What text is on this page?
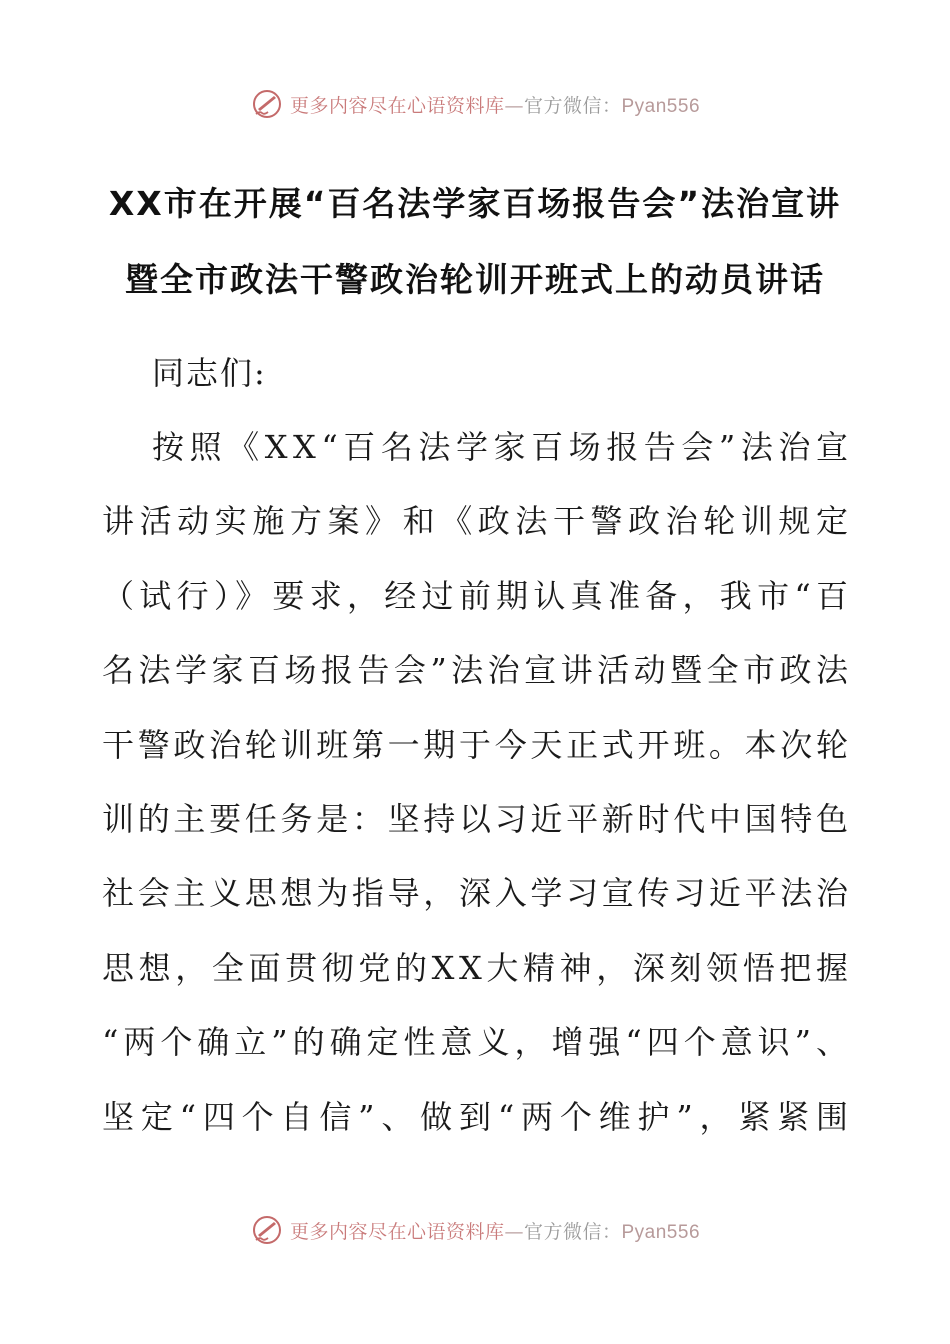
更多内容尽在心语资料库—官方微信：Pyan556
XX市在开展“百名法学家百场报告会”法治宣讲
暨全市政法干警政治轮训开班式上的动员讲话
同志们:
按照《XX“百名法学家百场报告会”法治宣
讲活动实施方案》和《政法干警政治轮训规定
（试行）》要求，经过前期认真准备，我市“百
名法学家百场报告会”法治宣讲活动暨全市政法
干警政治轮训班第一期于今天正式开班。本次轮
训的主要任务是：坚持以习近平新时代中国特色
社会主义思想为指导，深入学习宣传习近平法治
思想，全面贯彻党的XX大精神，深刻领悟把握
“两个确立”的确定性意义，增强“四个意识”、
坚定“四个自信”、做到“两个维护”，紧紧围
更多内容尽在心语资料库—官方微信：Pyan556
